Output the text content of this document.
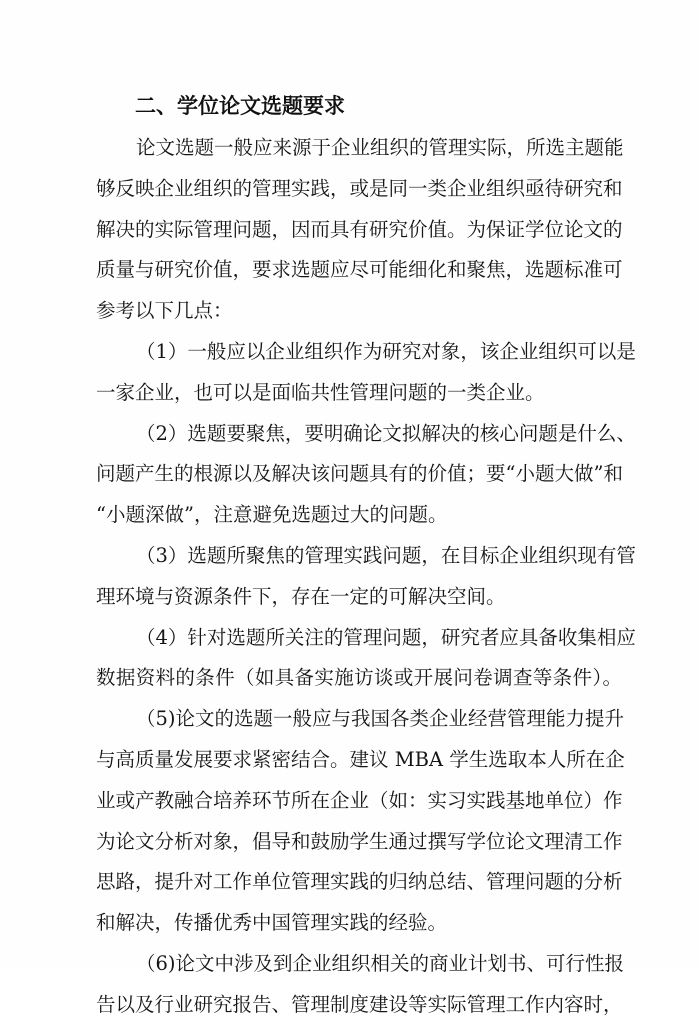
二、学位论文选题要求
论文选题一般应来源于企业组织的管理实际，所选主题能
够反映企业组织的管理实践，或是同一类企业组织亟待研究和
解决的实际管理问题，因而具有研究价值。为保证学位论文的
质量与研究价值，要求选题应尽可能细化和聚焦，选题标准可
参考以下几点：
（1）一般应以企业组织作为研究对象，该企业组织可以是
一家企业，也可以是面临共性管理问题的一类企业。
（2）选题要聚焦，要明确论文拟解决的核心问题是什么、
问题产生的根源以及解决该问题具有的价值；要“小题大做”和
“小题深做”，注意避免选题过大的问题。
（3）选题所聚焦的管理实践问题，在目标企业组织现有管
理环境与资源条件下，存在一定的可解决空间。
（4）针对选题所关注的管理问题，研究者应具备收集相应
数据资料的条件（如具备实施访谈或开展问卷调查等条件）。
（5)论文的选题一般应与我国各类企业经营管理能力提升
与高质量发展要求紧密结合。建议 MBA 学生选取本人所在企
业或产教融合培养环节所在企业（如：实习实践基地单位）作
为论文分析对象，倡导和鼓励学生通过撰写学位论文理清工作
思路，提升对工作单位管理实践的归纳总结、管理问题的分析
和解决，传播优秀中国管理实践的经验。
（6)论文中涉及到企业组织相关的商业计划书、可行性报
告以及行业研究报告、管理制度建设等实际管理工作内容时，
